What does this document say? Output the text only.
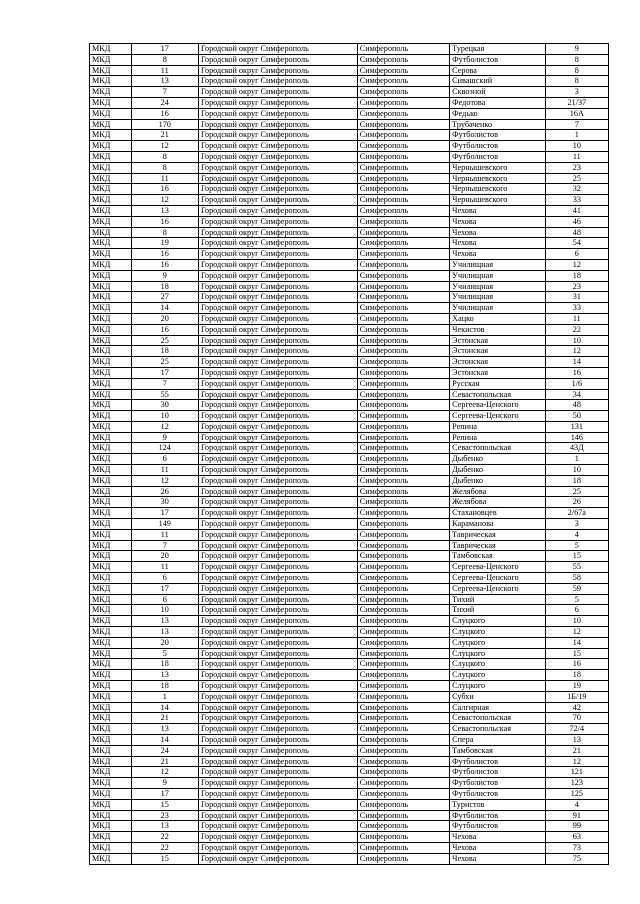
МКД	17	Городской округ Симферополь	Симферополь	Турецкая	9
МКД	8	Городской округ Симферополь	Симферополь	Футболистов	8
МКД	11	Городской округ Симферополь	Симферополь	Серова	8
МКД	13	Городской округ Симферополь	Симферополь	Сивашский	8
МКД	7	Городской округ Симферополь	Симферополь	Сквозной	3
МКД	24	Городской округ Симферополь	Симферополь	Федотова	21/37
МКД	16	Городской округ Симферополь	Симферополь	Федько	16А
МКД	170	Городской округ Симферополь	Симферополь	Трубаченко	7
МКД	21	Городской округ Симферополь	Симферополь	Футболистов	1
МКД	12	Городской округ Симферополь	Симферополь	Футболистов	10
МКД	8	Городской округ Симферополь	Симферополь	Футболистов	11
МКД	8	Городской округ Симферополь	Симферополь	Чернышевского	23
МКД	11	Городской округ Симферополь	Симферополь	Чернышевского	25
МКД	16	Городской округ Симферополь	Симферополь	Чернышевского	32
МКД	12	Городской округ Симферополь	Симферополь	Чернышевского	33
МКД	13	Городской округ Симферополь	Симферополь	Чехова	41
МКД	16	Городской округ Симферополь	Симферополь	Чехова	46
МКД	8	Городской округ Симферополь	Симферополь	Чехова	48
МКД	19	Городской округ Симферополь	Симферополь	Чехова	54
МКД	16	Городской округ Симферополь	Симферополь	Чехова	6
МКД	16	Городской округ Симферополь	Симферополь	Училищная	12
МКД	9	Городской округ Симферополь	Симферополь	Училищная	18
МКД	18	Городской округ Симферополь	Симферополь	Училищная	23
МКД	27	Городской округ Симферополь	Симферополь	Училищная	31
МКД	14	Городской округ Симферополь	Симферополь	Училищная	33
МКД	20	Городской округ Симферополь	Симферополь	Хацко	11
МКД	16	Городской округ Симферополь	Симферополь	Чекистов	22
МКД	25	Городской округ Симферополь	Симферополь	Эстонская	10
МКД	18	Городской округ Симферополь	Симферополь	Эстонская	12
МКД	25	Городской округ Симферополь	Симферополь	Эстонская	14
МКД	17	Городской округ Симферополь	Симферополь	Эстонская	16
МКД	7	Городской округ Симферополь	Симферополь	Русская	1/6
МКД	55	Городской округ Симферополь	Симферополь	Севастопольская	34
МКД	30	Городской округ Симферополь	Симферополь	Сергеева-Ценского	48
МКД	10	Городской округ Симферополь	Симферополь	Сергеева-Ценского	50
МКД	12	Городской округ Симферополь	Симферополь	Репина	131
МКД	9	Городской округ Симферополь	Симферополь	Репина	146
МКД	124	Городской округ Симферополь	Симферополь	Севастопольская	43Д
МКД	6	Городской округ Симферополь	Симферополь	Дыбенко	1
МКД	11	Городской округ Симферополь	Симферополь	Дыбенко	10
МКД	12	Городской округ Симферополь	Симферополь	Дыбенко	18
МКД	26	Городской округ Симферополь	Симферополь	Желябова	25
МКД	30	Городской округ Симферополь	Симферополь	Желябова	26
МКД	17	Городской округ Симферополь	Симферополь	Стахановцев	2/67а
МКД	149	Городской округ Симферополь	Симферополь	Караманова	3
МКД	11	Городской округ Симферополь	Симферополь	Таврическая	4
МКД	7	Городской округ Симферополь	Симферополь	Таврическая	5
МКД	20	Городской округ Симферополь	Симферополь	Тамбовская	15
МКД	11	Городской округ Симферополь	Симферополь	Сергеева-Ценского	55
МКД	6	Городской округ Симферополь	Симферополь	Сергеева-Ценского	58
МКД	17	Городской округ Симферополь	Симферополь	Сергеева-Ценского	59
МКД	6	Городской округ Симферополь	Симферополь	Тихий	5
МКД	10	Городской округ Симферополь	Симферополь	Тихий	6
МКД	13	Городской округ Симферополь	Симферополь	Слуцкого	10
МКД	13	Городской округ Симферополь	Симферополь	Слуцкого	12
МКД	20	Городской округ Симферополь	Симферополь	Слуцкого	14
МКД	5	Городской округ Симферополь	Симферополь	Слуцкого	15
МКД	18	Городской округ Симферополь	Симферополь	Слуцкого	16
МКД	13	Городской округ Симферополь	Симферополь	Слуцкого	18
МКД	18	Городской округ Симферополь	Симферополь	Слуцкого	19
МКД	1	Городской округ Симферополь	Симферополь	Субхи	1Б/19
МКД	14	Городской округ Симферополь	Симферополь	Салгирная	42
МКД	21	Городской округ Симферополь	Симферополь	Севастопольская	70
МКД	13	Городской округ Симферополь	Симферополь	Севастопольская	72/4
МКД	14	Городской округ Симферополь	Симферополь	Спера	13
МКД	24	Городской округ Симферополь	Симферополь	Тамбовская	21
МКД	21	Городской округ Симферополь	Симферополь	Футболистов	12
МКД	12	Городской округ Симферополь	Симферополь	Футболистов	121
МКД	9	Городской округ Симферополь	Симферополь	Футболистов	123
МКД	17	Городской округ Симферополь	Симферополь	Футболистов	125
МКД	15	Городской округ Симферополь	Симферополь	Туристов	4
МКД	23	Городской округ Симферополь	Симферополь	Футболистов	91
МКД	13	Городской округ Симферополь	Симферополь	Футболистов	99
МКД	22	Городской округ Симферополь	Симферополь	Чехова	63
МКД	22	Городской округ Симферополь	Симферополь	Чехова	73
МКД	15	Городской округ Симферополь	Симферополь	Чехова	75
